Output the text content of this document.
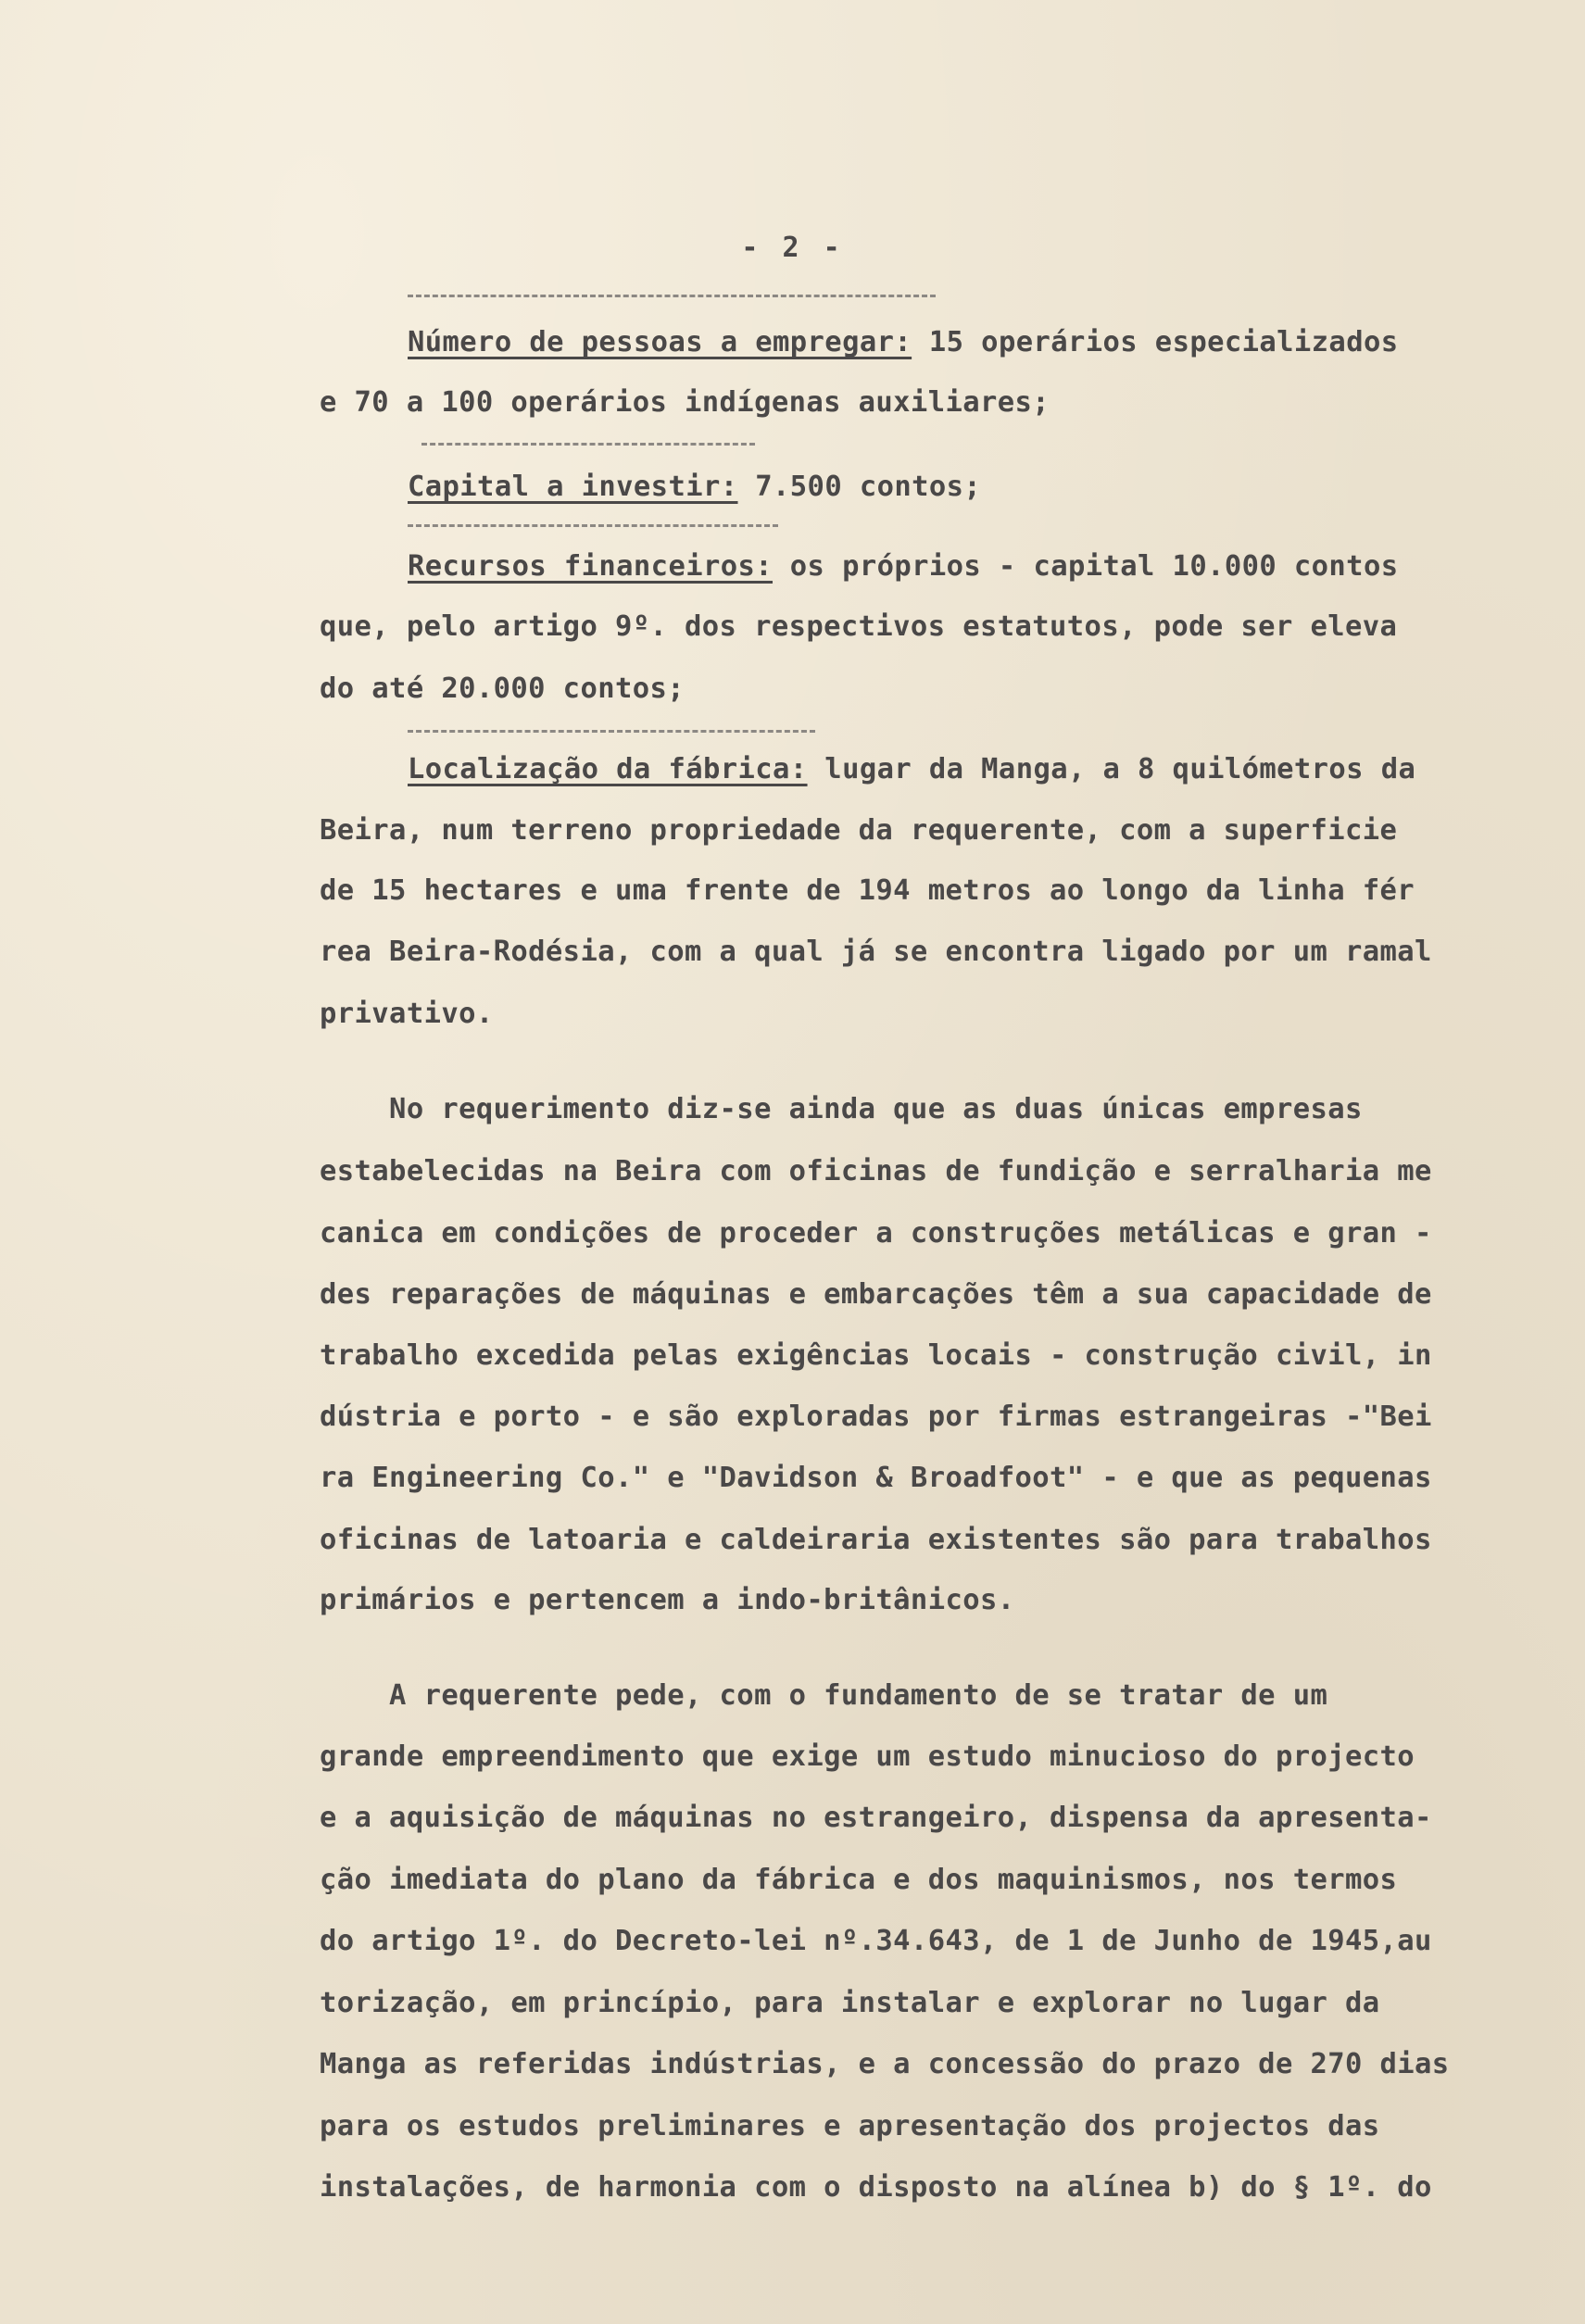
- 2 -
Número de pessoas a empregar: 15 operários especializados
e 70 a 100 operários indígenas auxiliares;
Capital a investir: 7.500 contos;
Recursos financeiros: os próprios - capital 10.000 contos
que, pelo artigo 9º. dos respectivos estatutos, pode ser eleva
do até 20.000 contos;
Localização da fábrica: lugar da Manga, a 8 quilómetros da
Beira, num terreno propriedade da requerente, com a superficie
de 15 hectares e uma frente de 194 metros ao longo da linha fér
rea Beira-Rodésia, com a qual já se encontra ligado por um ramal
privativo.
No requerimento diz-se ainda que as duas únicas empresas
estabelecidas na Beira com oficinas de fundição e serralharia me
canica em condições de proceder a construções metálicas e gran -
des reparações de máquinas e embarcações têm a sua capacidade de
trabalho excedida pelas exigências locais - construção civil, in
dústria e porto - e são exploradas por firmas estrangeiras -"Bei
ra Engineering Co." e "Davidson & Broadfoot" - e que as pequenas
oficinas de latoaria e caldeiraria existentes são para trabalhos
primários e pertencem a indo-britânicos.
A requerente pede, com o fundamento de se tratar de um
grande empreendimento que exige um estudo minucioso do projecto
e a aquisição de máquinas no estrangeiro, dispensa da apresenta-
ção imediata do plano da fábrica e dos maquinismos, nos termos
do artigo 1º. do Decreto-lei nº.34.643, de 1 de Junho de 1945,au
torização, em princípio, para instalar e explorar no lugar da
Manga as referidas indústrias, e a concessão do prazo de 270 dias
para os estudos preliminares e apresentação dos projectos das
instalações, de harmonia com o disposto na alínea b) do § 1º. do
